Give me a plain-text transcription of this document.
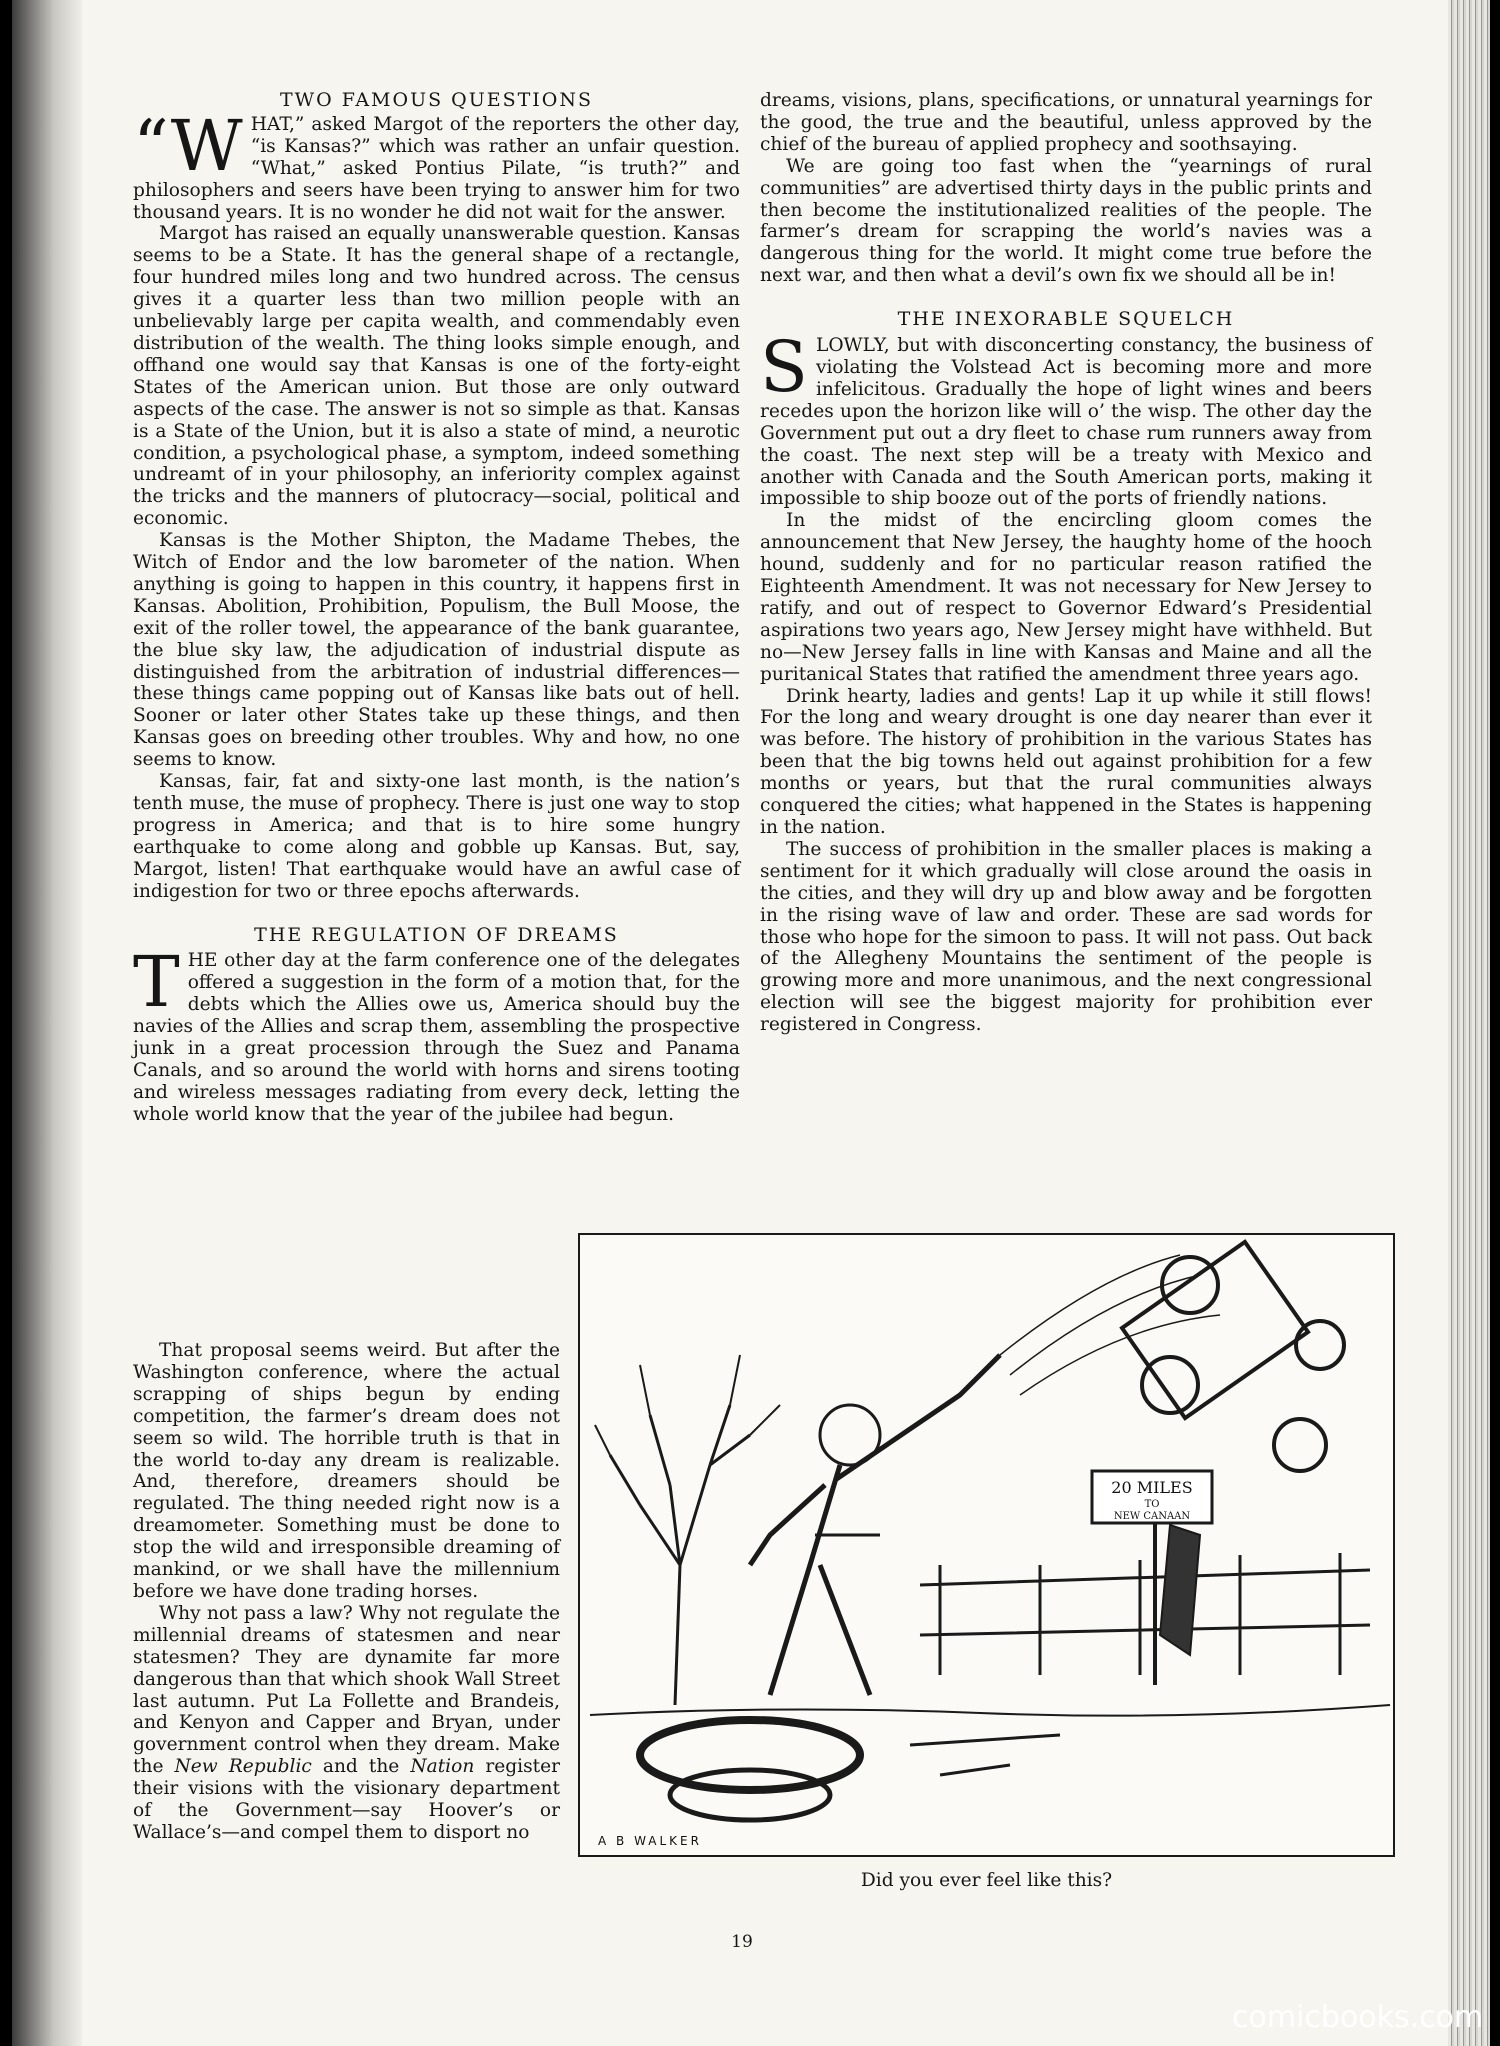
TWO FAMOUS QUESTIONS

“WHAT,” asked Margot of the reporters the other day, “is Kansas?” which was rather an unfair question. “What,” asked Pontius Pilate, “is truth?” and philosophers and seers have been trying to answer him for two thousand years. It is no wonder he did not wait for the answer.

Margot has raised an equally unanswerable question. Kansas seems to be a State. It has the general shape of a rectangle, four hundred miles long and two hundred across. The census gives it a quarter less than two million people with an unbelievably large per capita wealth, and commendably even distribution of the wealth. The thing looks simple enough, and offhand one would say that Kansas is one of the forty-eight States of the American union. But those are only outward aspects of the case. The answer is not so simple as that. Kansas is a State of the Union, but it is also a state of mind, a neurotic condition, a psychological phase, a symptom, indeed something undreamt of in your philosophy, an inferiority complex against the tricks and the manners of plutocracy—social, political and economic.

Kansas is the Mother Shipton, the Madame Thebes, the Witch of Endor and the low barometer of the nation. When anything is going to happen in this country, it happens first in Kansas. Abolition, Prohibition, Populism, the Bull Moose, the exit of the roller towel, the appearance of the bank guarantee, the blue sky law, the adjudication of industrial dispute as distinguished from the arbitration of industrial differences—these things came popping out of Kansas like bats out of hell. Sooner or later other States take up these things, and then Kansas goes on breeding other troubles. Why and how, no one seems to know.

Kansas, fair, fat and sixty-one last month, is the nation’s tenth muse, the muse of prophecy. There is just one way to stop progress in America; and that is to hire some hungry earthquake to come along and gobble up Kansas. But, say, Margot, listen! That earthquake would have an awful case of indigestion for two or three epochs afterwards.

THE REGULATION OF DREAMS

THE other day at the farm conference one of the delegates offered a suggestion in the form of a motion that, for the debts which the Allies owe us, America should buy the navies of the Allies and scrap them, assembling the prospective junk in a great procession through the Suez and Panama Canals, and so around the world with horns and sirens tooting and wireless messages radiating from every deck, letting the whole world know that the year of the jubilee had begun.

That proposal seems weird. But after the Washington conference, where the actual scrapping of ships begun by ending competition, the farmer’s dream does not seem so wild. The horrible truth is that in the world to-day any dream is realizable. And, therefore, dreamers should be regulated. The thing needed right now is a dreamometer. Something must be done to stop the wild and irresponsible dreaming of mankind, or we shall have the millennium before we have done trading horses.

Why not pass a law? Why not regulate the millennial dreams of statesmen and near statesmen? They are dynamite far more dangerous than that which shook Wall Street last autumn. Put La Follette and Brandeis, and Kenyon and Capper and Bryan, under government control when they dream. Make the New Republic and the Nation register their visions with the visionary department of the Government—say Hoover’s or Wallace’s—and compel them to disport no

dreams, visions, plans, specifications, or unnatural yearnings for the good, the true and the beautiful, unless approved by the chief of the bureau of applied prophecy and soothsaying.

We are going too fast when the “yearnings of rural communities” are advertised thirty days in the public prints and then become the institutionalized realities of the people. The farmer’s dream for scrapping the world’s navies was a dangerous thing for the world. It might come true before the next war, and then what a devil’s own fix we should all be in!

THE INEXORABLE SQUELCH

SLOWLY, but with disconcerting constancy, the business of violating the Volstead Act is becoming more and more infelicitous. Gradually the hope of light wines and beers recedes upon the horizon like will o’ the wisp. The other day the Government put out a dry fleet to chase rum runners away from the coast. The next step will be a treaty with Mexico and another with Canada and the South American ports, making it impossible to ship booze out of the ports of friendly nations.

In the midst of the encircling gloom comes the announcement that New Jersey, the haughty home of the hooch hound, suddenly and for no particular reason ratified the Eighteenth Amendment. It was not necessary for New Jersey to ratify, and out of respect to Governor Edward’s Presidential aspirations two years ago, New Jersey might have withheld. But no—New Jersey falls in line with Kansas and Maine and all the puritanical States that ratified the amendment three years ago.

Drink hearty, ladies and gents! Lap it up while it still flows! For the long and weary drought is one day nearer than ever it was before. The history of prohibition in the various States has been that the big towns held out against prohibition for a few months or years, but that the rural communities always conquered the cities; what happened in the States is happening in the nation.

The success of prohibition in the smaller places is making a sentiment for it which gradually will close around the oasis in the cities, and they will dry up and blow away and be forgotten in the rising wave of law and order. These are sad words for those who hope for the simoon to pass. It will not pass. Out back of the Allegheny Mountains the sentiment of the people is growing more and more unanimous, and the next congressional election will see the biggest majority for prohibition ever registered in Congress.

20 MILES
TO
NEW CANAAN
A B WALKER
Did you ever feel like this?
19
comicbooks.com
